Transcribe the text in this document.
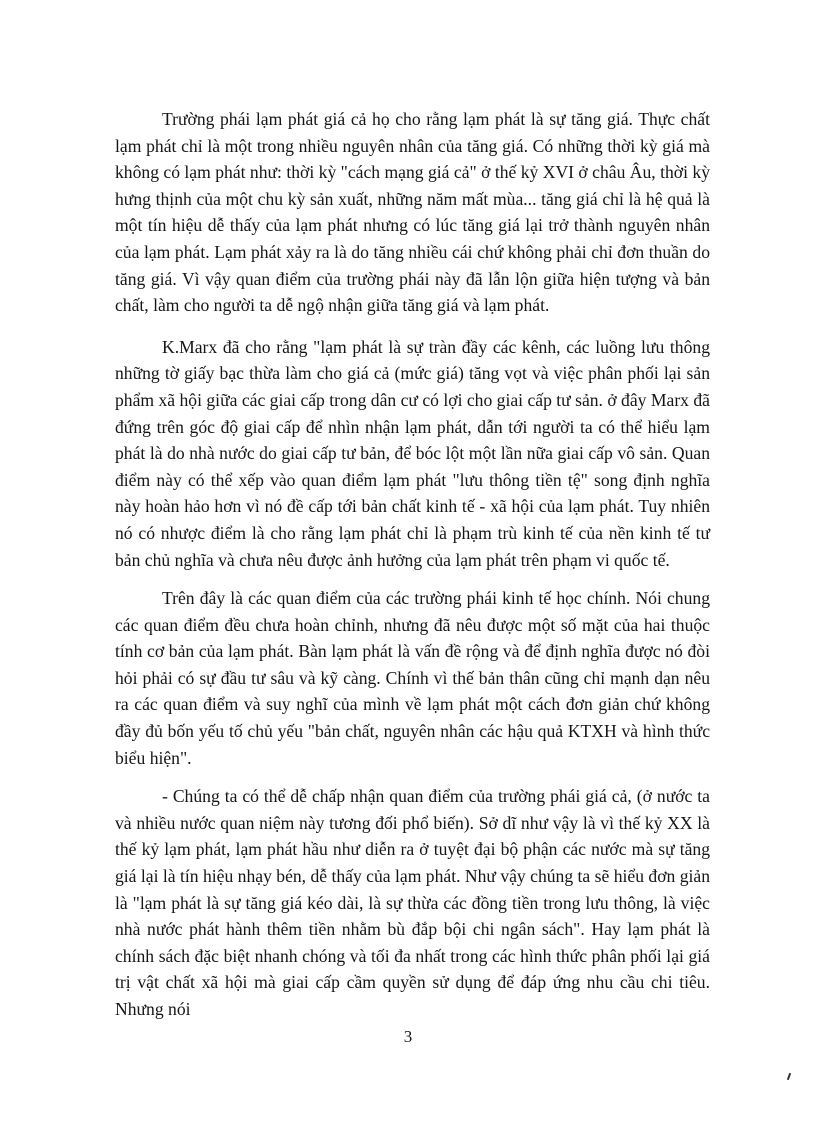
Trường phái lạm phát giá cả họ cho rằng lạm phát là sự tăng giá. Thực chất lạm phát chỉ là một trong nhiều nguyên nhân của tăng giá. Có những thời kỳ giá mà không có lạm phát như: thời kỳ "cách mạng giá cả" ở thế kỷ XVI ở châu Âu, thời kỳ hưng thịnh của một chu kỳ sản xuất, những năm mất mùa... tăng giá chỉ là hệ quả là một tín hiệu dễ thấy của lạm phát nhưng có lúc tăng giá lại trở thành nguyên nhân của lạm phát. Lạm phát xảy ra là do tăng nhiều cái chứ không phải chỉ đơn thuần do tăng giá. Vì vậy quan điểm của trường phái này đã lẫn lộn giữa hiện tượng và bản chất, làm cho người ta dễ ngộ nhận giữa tăng giá và lạm phát.

K.Marx đã cho rằng "lạm phát là sự tràn đầy các kênh, các luồng lưu thông những tờ giấy bạc thừa làm cho giá cả (mức giá) tăng vọt và việc phân phối lại sản phẩm xã hội giữa các giai cấp trong dân cư có lợi cho giai cấp tư sản. ở đây Marx đã đứng trên góc độ giai cấp để nhìn nhận lạm phát, dẫn tới người ta có thể hiểu lạm phát là do nhà nước do giai cấp tư bản, để bóc lột một lần nữa giai cấp vô sản. Quan điểm này có thể xếp vào quan điểm lạm phát "lưu thông tiền tệ" song định nghĩa này hoàn hảo hơn vì nó đề cấp tới bản chất kinh tế - xã hội của lạm phát. Tuy nhiên nó có nhược điểm là cho rằng lạm phát chỉ là phạm trù kinh tế của nền kinh tế tư bản chủ nghĩa và chưa nêu được ảnh hưởng của lạm phát trên phạm vi quốc tế.

Trên đây là các quan điểm của các trường phái kinh tế học chính. Nói chung các quan điểm đều chưa hoàn chỉnh, nhưng đã nêu được một số mặt của hai thuộc tính cơ bản của lạm phát. Bàn lạm phát là vấn đề rộng và để định nghĩa được nó đòi hỏi phải có sự đầu tư sâu và kỹ càng. Chính vì thế bản thân cũng chỉ mạnh dạn nêu ra các quan điểm và suy nghĩ của mình về lạm phát một cách đơn giản chứ không đầy đủ bốn yếu tố chủ yếu "bản chất, nguyên nhân các hậu quả KTXH và hình thức biểu hiện".

- Chúng ta có thể dễ chấp nhận quan điểm của trường phái giá cả, (ở nước ta và nhiều nước quan niệm này tương đối phổ biến). Sở dĩ như vậy là vì thế kỷ XX là thế kỷ lạm phát, lạm phát hầu như diễn ra ở tuyệt đại bộ phận các nước mà sự tăng giá lại là tín hiệu nhạy bén, dễ thấy của lạm phát. Như vậy chúng ta sẽ hiểu đơn giản là "lạm phát là sự tăng giá kéo dài, là sự thừa các đồng tiền trong lưu thông, là việc nhà nước phát hành thêm tiền nhằm bù đắp bội chi ngân sách". Hay lạm phát là chính sách đặc biệt nhanh chóng và tối đa nhất trong các hình thức phân phối lại giá trị vật chất xã hội mà giai cấp cầm quyền sử dụng để đáp ứng nhu cầu chi tiêu. Nhưng nói

3
